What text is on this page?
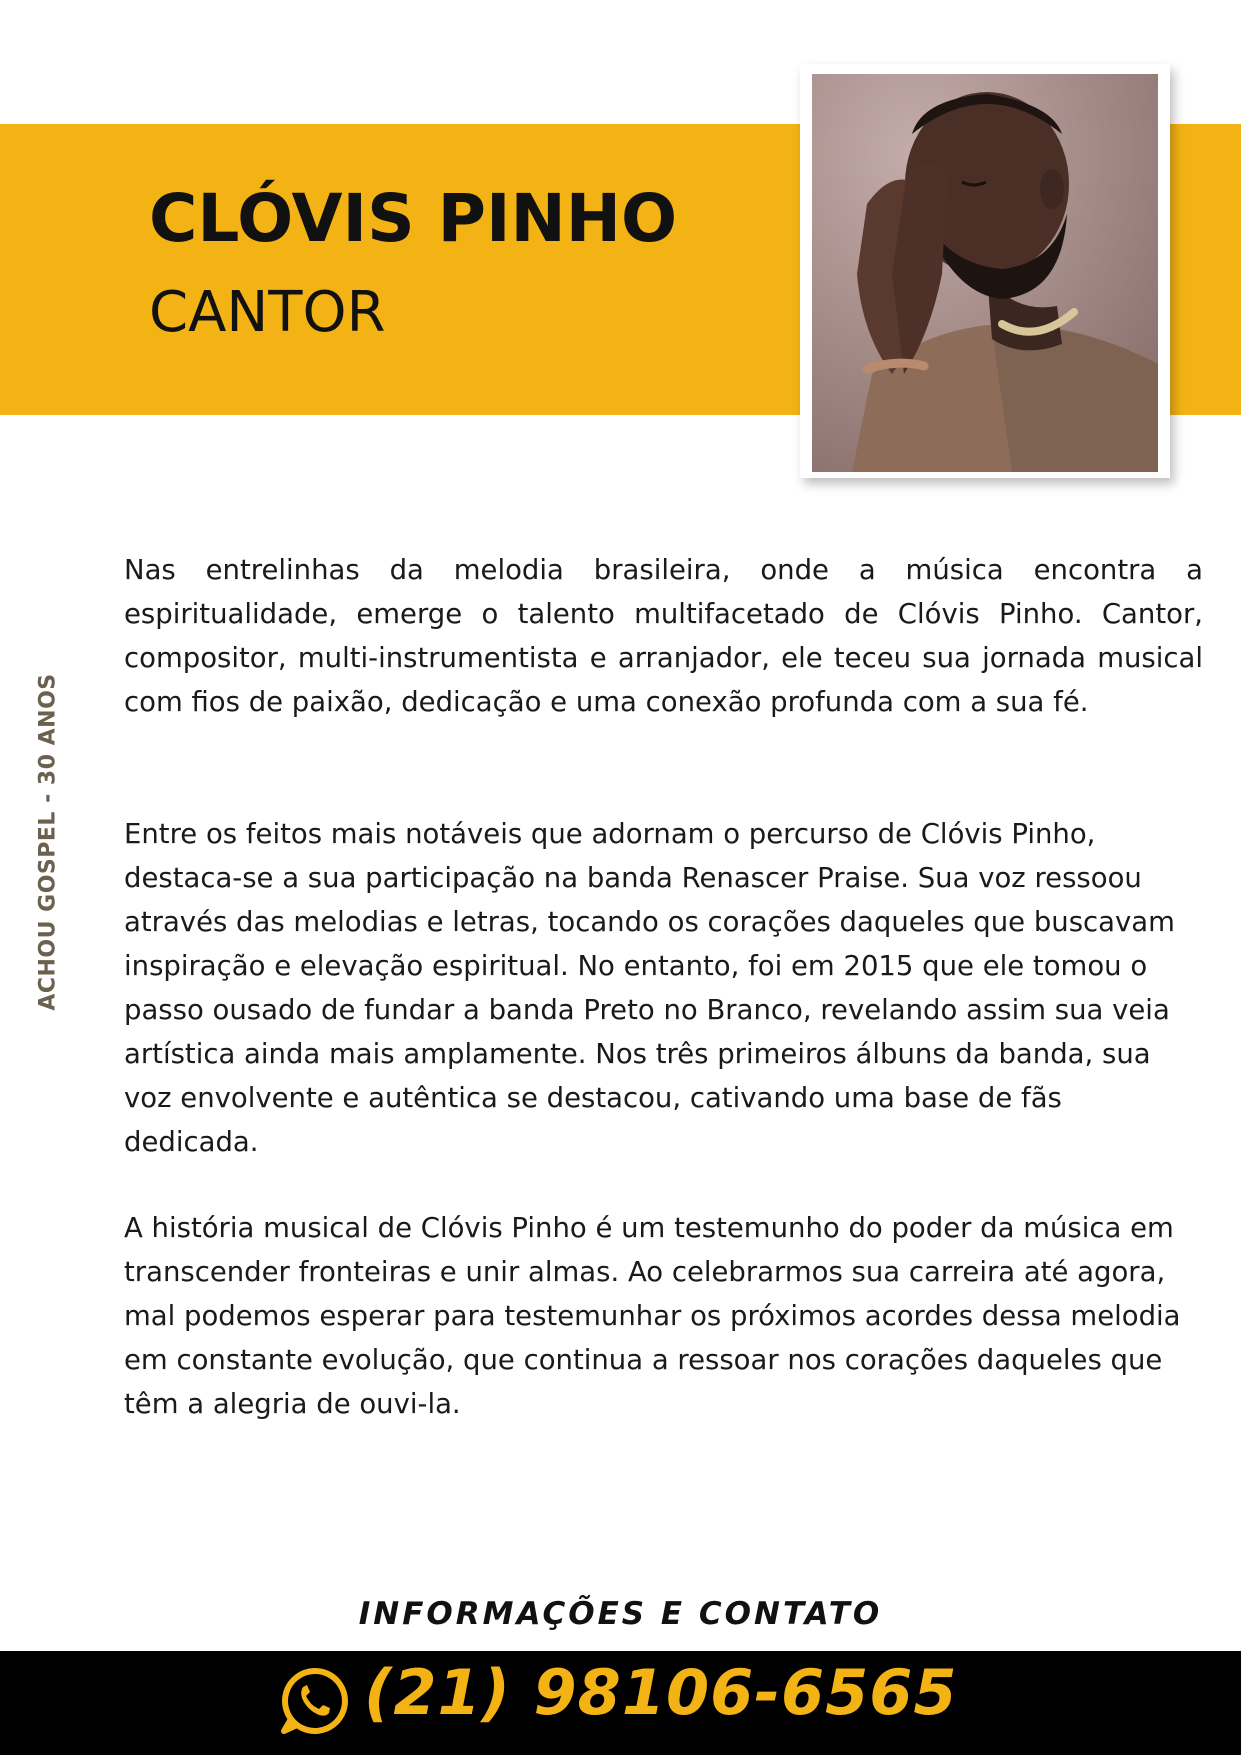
CLÓVIS PINHO
CANTOR
ACHOU GOSPEL - 30 ANOS

Nas entrelinhas da melodia brasileira, onde a música encontra a espiritualidade, emerge o talento multifacetado de Clóvis Pinho. Cantor, compositor, multi-instrumentista e arranjador, ele teceu sua jornada musical com fios de paixão, dedicação e uma conexão profunda com a sua fé.

Entre os feitos mais notáveis que adornam o percurso de Clóvis Pinho, destaca-se a sua participação na banda Renascer Praise. Sua voz ressoou através das melodias e letras, tocando os corações daqueles que buscavam inspiração e elevação espiritual. No entanto, foi em 2015 que ele tomou o passo ousado de fundar a banda Preto no Branco, revelando assim sua veia artística ainda mais amplamente. Nos três primeiros álbuns da banda, sua voz envolvente e autêntica se destacou, cativando uma base de fãs dedicada.

A história musical de Clóvis Pinho é um testemunho do poder da música em transcender fronteiras e unir almas. Ao celebrarmos sua carreira até agora, mal podemos esperar para testemunhar os próximos acordes dessa melodia em constante evolução, que continua a ressoar nos corações daqueles que têm a alegria de ouvi-la.

INFORMAÇÕES E CONTATO
(21) 98106-6565
